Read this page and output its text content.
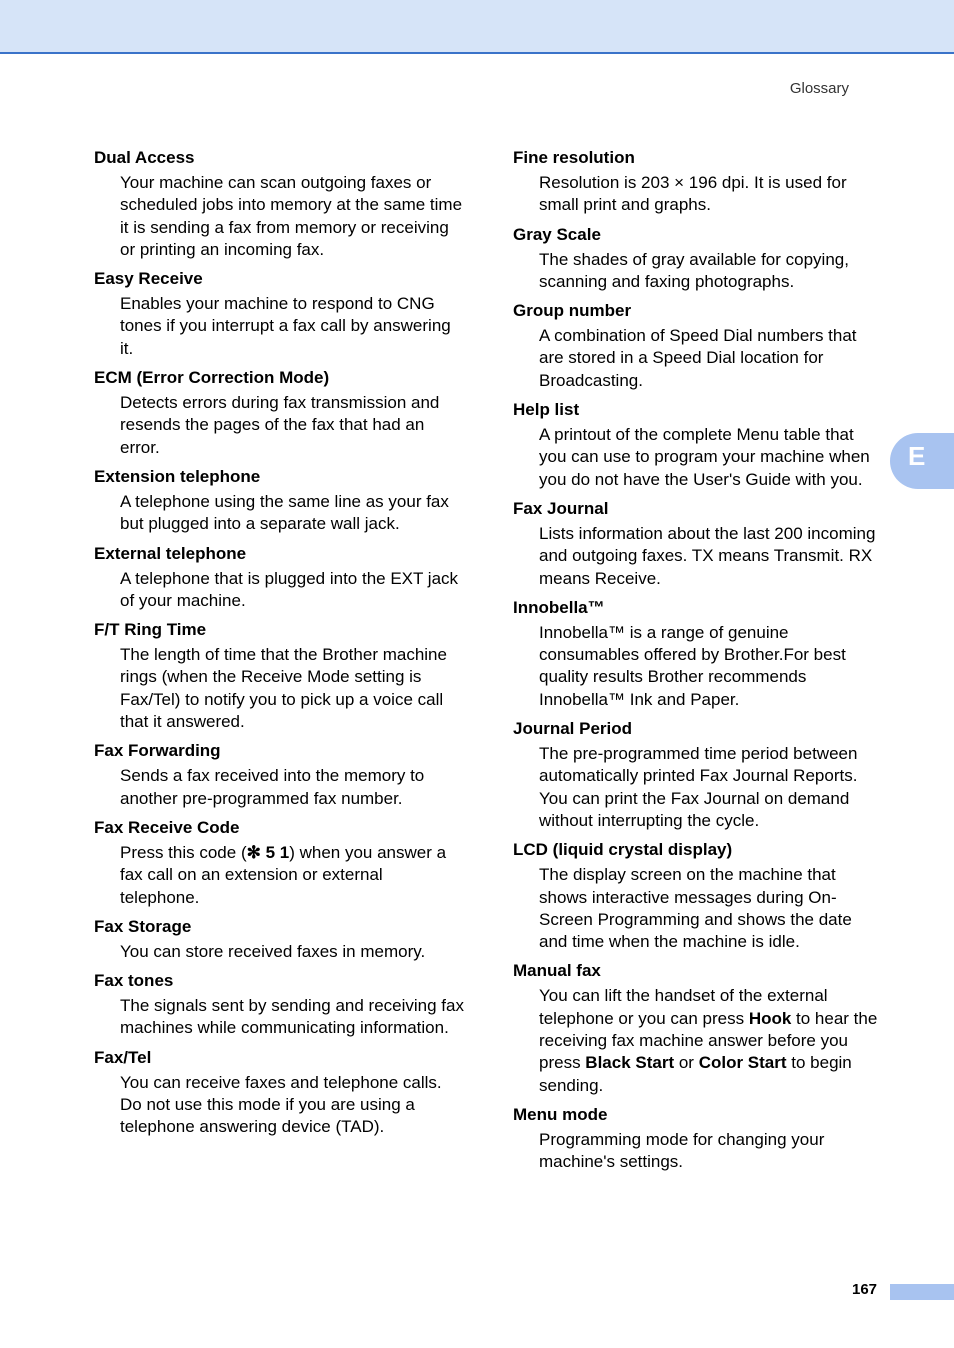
Glossary
Dual Access
Your machine can scan outgoing faxes or scheduled jobs into memory at the same time it is sending a fax from memory or receiving or printing an incoming fax.
Easy Receive
Enables your machine to respond to CNG tones if you interrupt a fax call by answering it.
ECM (Error Correction Mode)
Detects errors during fax transmission and resends the pages of the fax that had an error.
Extension telephone
A telephone using the same line as your fax but plugged into a separate wall jack.
External telephone
A telephone that is plugged into the EXT jack of your machine.
F/T Ring Time
The length of time that the Brother machine rings (when the Receive Mode setting is Fax/Tel) to notify you to pick up a voice call that it answered.
Fax Forwarding
Sends a fax received into the memory to another pre-programmed fax number.
Fax Receive Code
Press this code (✻ 5 1) when you answer a fax call on an extension or external telephone.
Fax Storage
You can store received faxes in memory.
Fax tones
The signals sent by sending and receiving fax machines while communicating information.
Fax/Tel
You can receive faxes and telephone calls. Do not use this mode if you are using a telephone answering device (TAD).
Fine resolution
Resolution is 203 × 196 dpi. It is used for small print and graphs.
Gray Scale
The shades of gray available for copying, scanning and faxing photographs.
Group number
A combination of Speed Dial numbers that are stored in a Speed Dial location for Broadcasting.
Help list
A printout of the complete Menu table that you can use to program your machine when you do not have the User's Guide with you.
Fax Journal
Lists information about the last 200 incoming and outgoing faxes. TX means Transmit. RX means Receive.
Innobella™
Innobella™ is a range of genuine consumables offered by Brother.For best quality results Brother recommends Innobella™ Ink and Paper.
Journal Period
The pre-programmed time period between automatically printed Fax Journal Reports. You can print the Fax Journal on demand without interrupting the cycle.
LCD (liquid crystal display)
The display screen on the machine that shows interactive messages during On-Screen Programming and shows the date and time when the machine is idle.
Manual fax
You can lift the handset of the external telephone or you can press Hook to hear the receiving fax machine answer before you press Black Start or Color Start to begin sending.
Menu mode
Programming mode for changing your machine's settings.
E
167
